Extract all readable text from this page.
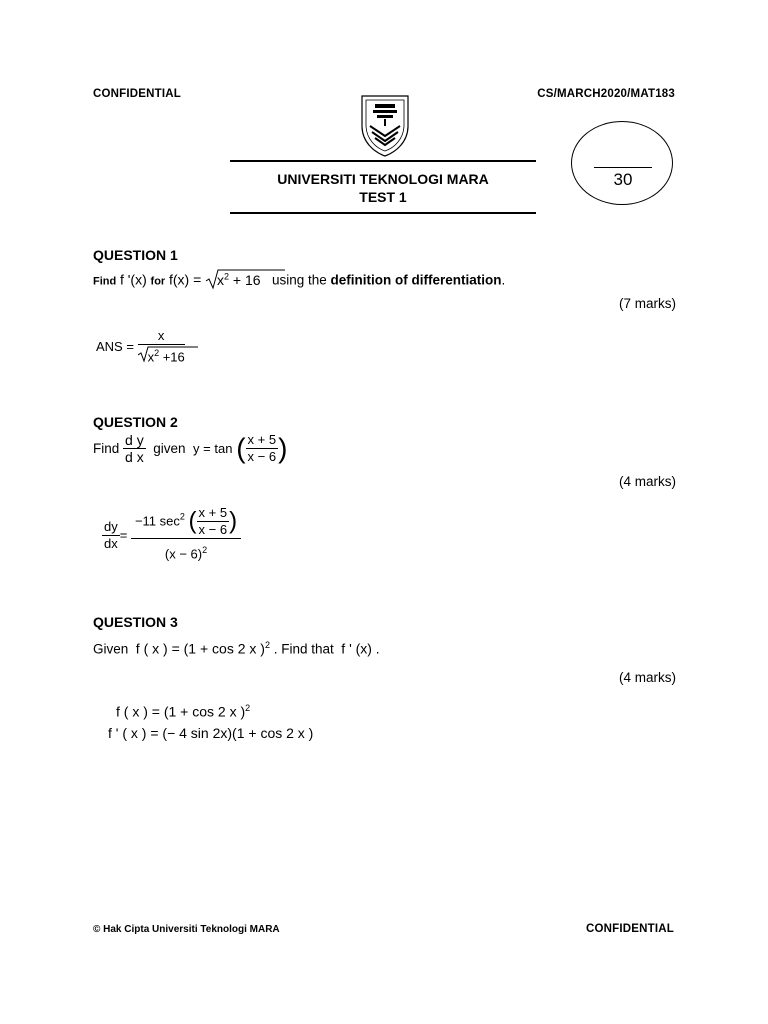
CONFIDENTIAL	CS/MARCH2020/MAT183
UNIVERSITI TEKNOLOGI MARA
TEST 1
30
QUESTION 1
Find f '(x) for $f(x) = x^2 + 16$ using the definition of differentiation.
(7 marks)
ANS = $\frac{x}{x^2 +16}$
QUESTION 2
Find $\frac{\text{d y}}{\text{d x}}$ given y = tan ( $\frac{x + 5}{x - 6}$ )
(4 marks)
$\frac{dy}{dx} = \frac{-11 \sec^2 ( \frac{x + 5}{x - 6} )}{(x - 6)^2}$
QUESTION 3
Given f ( x ) = (1 + cos 2 x )$^2$ . Find that f ' (x) .
(4 marks)
f ( x ) = (1 + cos 2 x )$^2$
f ' ( x ) = (− 4 sin 2x)(1 + cos 2 x )
© Hak Cipta Universiti Teknologi MARA	CONFIDENTIAL
